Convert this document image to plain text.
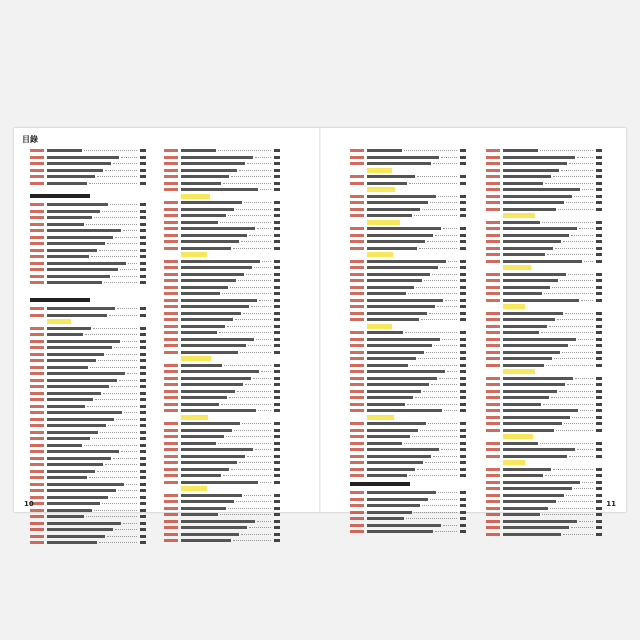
目錄
10	11
